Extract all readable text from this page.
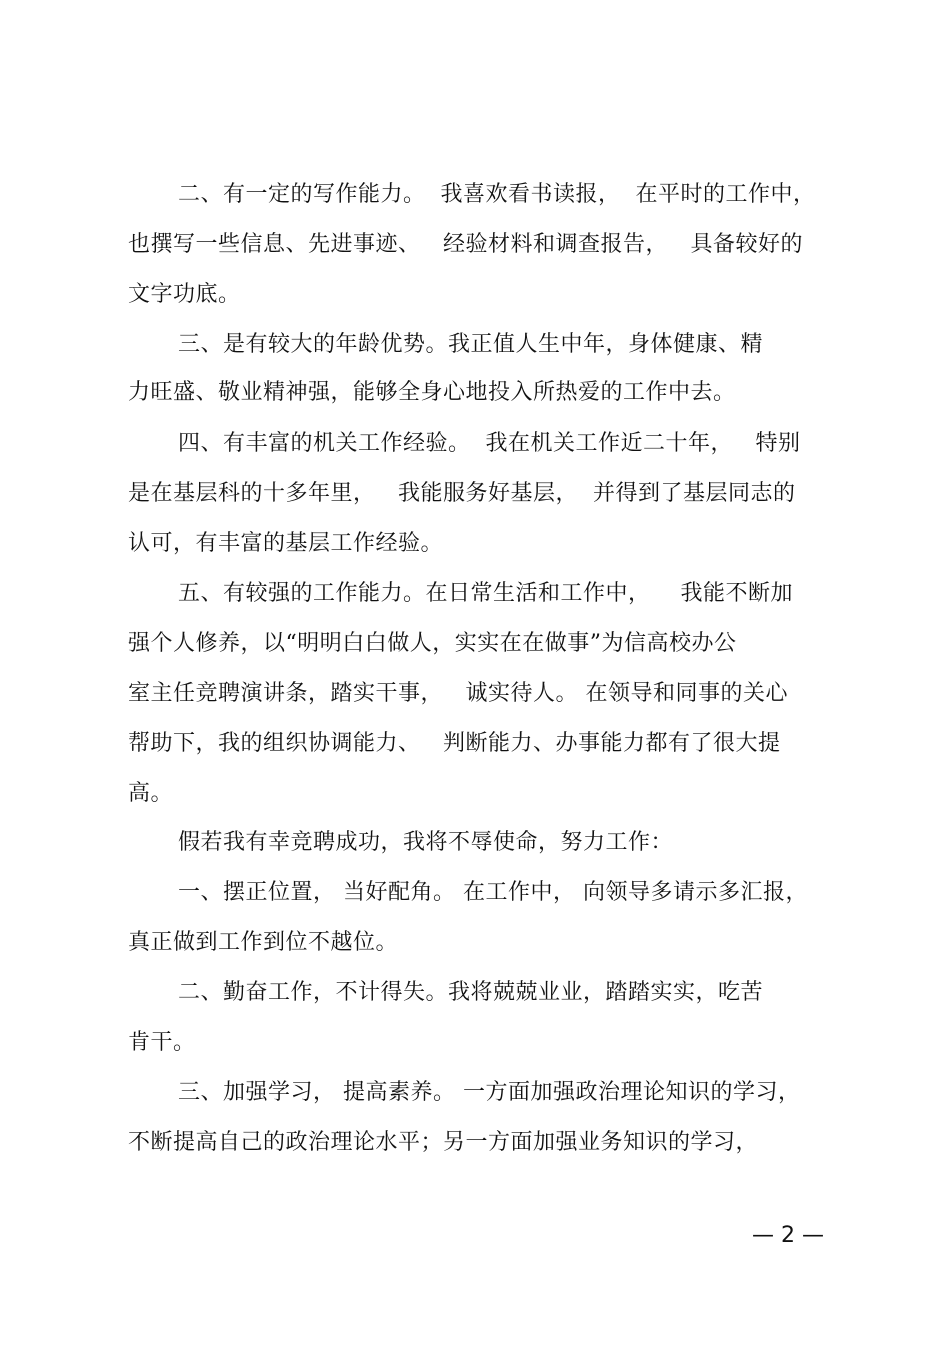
二、有一定的写作能力。  我喜欢看书读报，  在平时的工作中，
也撰写一些信息、先进事迹、   经验材料和调查报告，   具备较好的
文字功底。
三、是有较大的年龄优势。我正值人生中年，身体健康、精
力旺盛、敬业精神强，能够全身心地投入所热爱的工作中去。
四、有丰富的机关工作经验。  我在机关工作近二十年，   特别
是在基层科的十多年里，   我能服务好基层，  并得到了基层同志的
认可，有丰富的基层工作经验。
五、有较强的工作能力。在日常生活和工作中，    我能不断加
强个人修养，以“明明白白做人，实实在在做事”为信高校办公
室主任竞聘演讲条，踏实干事，   诚实待人。 在领导和同事的关心
帮助下，我的组织协调能力、   判断能力、办事能力都有了很大提
高。
假若我有幸竞聘成功，我将不辱使命，努力工作：
一、摆正位置， 当好配角。 在工作中， 向领导多请示多汇报，
真正做到工作到位不越位。
二、勤奋工作，不计得失。我将兢兢业业，踏踏实实，吃苦
肯干。
三、加强学习， 提高素养。 一方面加强政治理论知识的学习，
不断提高自己的政治理论水平；另一方面加强业务知识的学习，
— 2 —
